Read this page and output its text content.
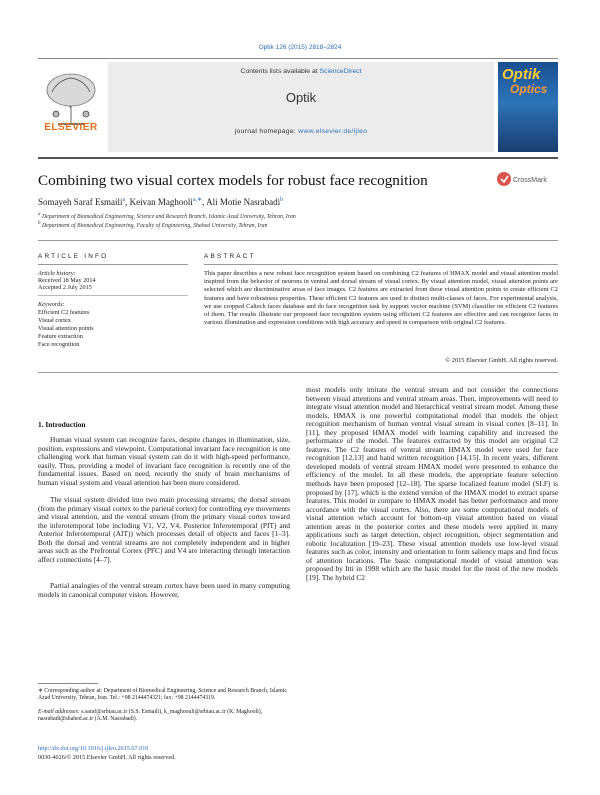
Optik 126 (2015) 2818–2824
ELSEVIER
Contents lists available at ScienceDirect
Optik
journal homepage: www.elsevier.de/ijleo
Optik
Optics
Combining two visual cortex models for robust face recognition	CrossMark
Somayeh Saraf Esmaili$^a$, Keivan Maghooli$^{a,∗}$, Ali Motie Nasrabadi$^b$
$^a$ Department of Biomedical Engineering, Science and Research Branch, Islamic Azad University, Tehran, Iran
$^b$ Department of Biomedical Engineering, Faculty of Engineering, Shahed University, Tehran, Iran
ARTICLE INFO
Article history:
Received 18 May 2014
Accepted 2 July 2015
Keywords:
Efficient C2 features
Visual cortex
Visual attention points
Feature extraction
Face recognition
ABSTRACT
This paper describes a new robust face recognition system based on combining C2 features of HMAX model and visual attention model inspired from the behavior of neurons in ventral and dorsal stream of visual cortex. By visual attention model, visual attention points are selected which are discriminative areas of face images. C2 features are extracted from these visual attention points to create efficient C2 features and have robustness properties. These efficient C2 features are used to distinct multi-classes of faces. For experimental analysis, we use cropped Caltech faces database and do face recognition task by support vector machine (SVM) classifier on efficient C2 features of them. The results illustrate our proposed face recognition system using efficient C2 features are effective and can recognize faces in various illumination and expression conditions with high accuracy and speed in comparison with original C2 features.
© 2015 Elsevier GmbH. All rights reserved.
1. Introduction
Human visual system can recognize faces, despite changes in illumination, size, position, expressions and viewpoint. Computational invariant face recognition is one challenging work that human visual system can do it with high-speed performance, easily. Thus, providing a model of invariant face recognition is recently one of the fundamental issues. Based on need, recently the study of brain mechanisms of human visual system and visual attention has been more considered.
The visual system divided into two main processing streams; the dorsal stream (from the primary visual cortex to the parietal cortex) for controlling eye movements and visual attention, and the ventral stream (from the primary visual cortex toward the inferotemporal lobe including V1, V2, V4, Posterior Inferotemporal (PIT) and Anterior Inferotemporal (AIT)) which processes detail of objects and faces [1–3]. Both the dorsal and ventral streams are not completely independent and in higher areas such as the Prefrontal Cortex (PFC) and V4 are interacting through interaction affect connections [4–7].
Partial analogies of the ventral stream cortex have been used in many computing models in canonical computer vision. However,
∗ Corresponding author at: Department of Biomedical Engineering, Science and Research Branch, Islamic Azad University, Tehran, Iran. Tel.: +98 2144474321; fax: +98 2144474319.
E-mail addresses: s.saraf@srbiau.ac.ir (S.S. Esmaili), k_maghoouli@srbiau.ac.ir (K. Maghooli), nasrabadi@shahed.ac.ir (A.M. Nasrabadi).
http://dx.doi.org/10.1016/j.ijleo.2015.07.010
0030-4026/© 2015 Elsevier GmbH. All rights reserved.
most models only imitate the ventral stream and not consider the connections between visual attentions and ventral stream areas. Then, improvements will need to integrate visual attention model and hierarchical ventral stream model. Among these models, HMAX is one powerful computational model that models the object recognition mechanism of human ventral visual stream in visual cortex [8–11]. In [11], they proposed HMAX model with learning capability and increased the performance of the model. The features extracted by this model are original C2 features. The C2 features of ventral stream HMAX model were used for face recognition [12,13] and hand written recognition [14,15]. In recent years, different developed models of ventral stream HMAX model were presented to enhance the efficiency of the model. In all these models, the appropriate feature selection methods have been proposed [12–18]. The sparse localized feature model (SLF) is proposed by [17], which is the extend version of the HMAX model to extract sparse features. This model in compare to HMAX model has better performance and more accordance with the visual cortex. Also, there are some computational models of visual attention which account for bottom-up visual attention based on visual attention areas in the posterior cortex and these models were applied in many applications such as target detection, object recognition, object segmentation and robotic localization [19–23]. These visual attention models use low-level visual features such as color, intensity and orientation to form saliency maps and find focus of attention locations. The basic computational model of visual attention was proposed by Itti in 1998 which are the basic model for the most of the new models [19]. The hybrid C2
